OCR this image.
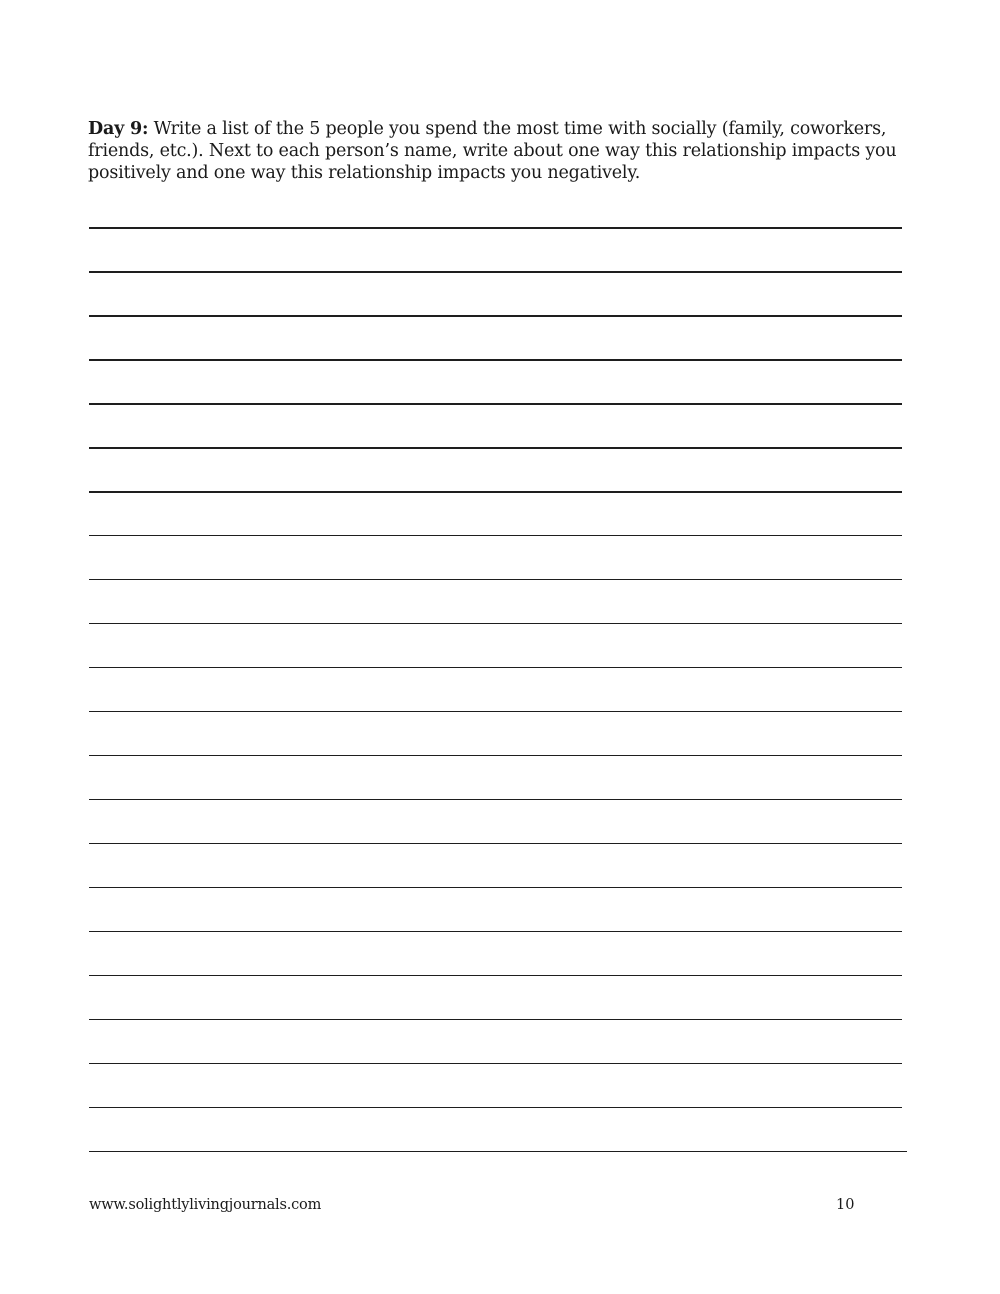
Day 9: Write a list of the 5 people you spend the most time with socially (family, coworkers, friends, etc.). Next to each person’s name, write about one way this relationship impacts you positively and one way this relationship impacts you negatively.
www.solightlylivingjournals.com	10
